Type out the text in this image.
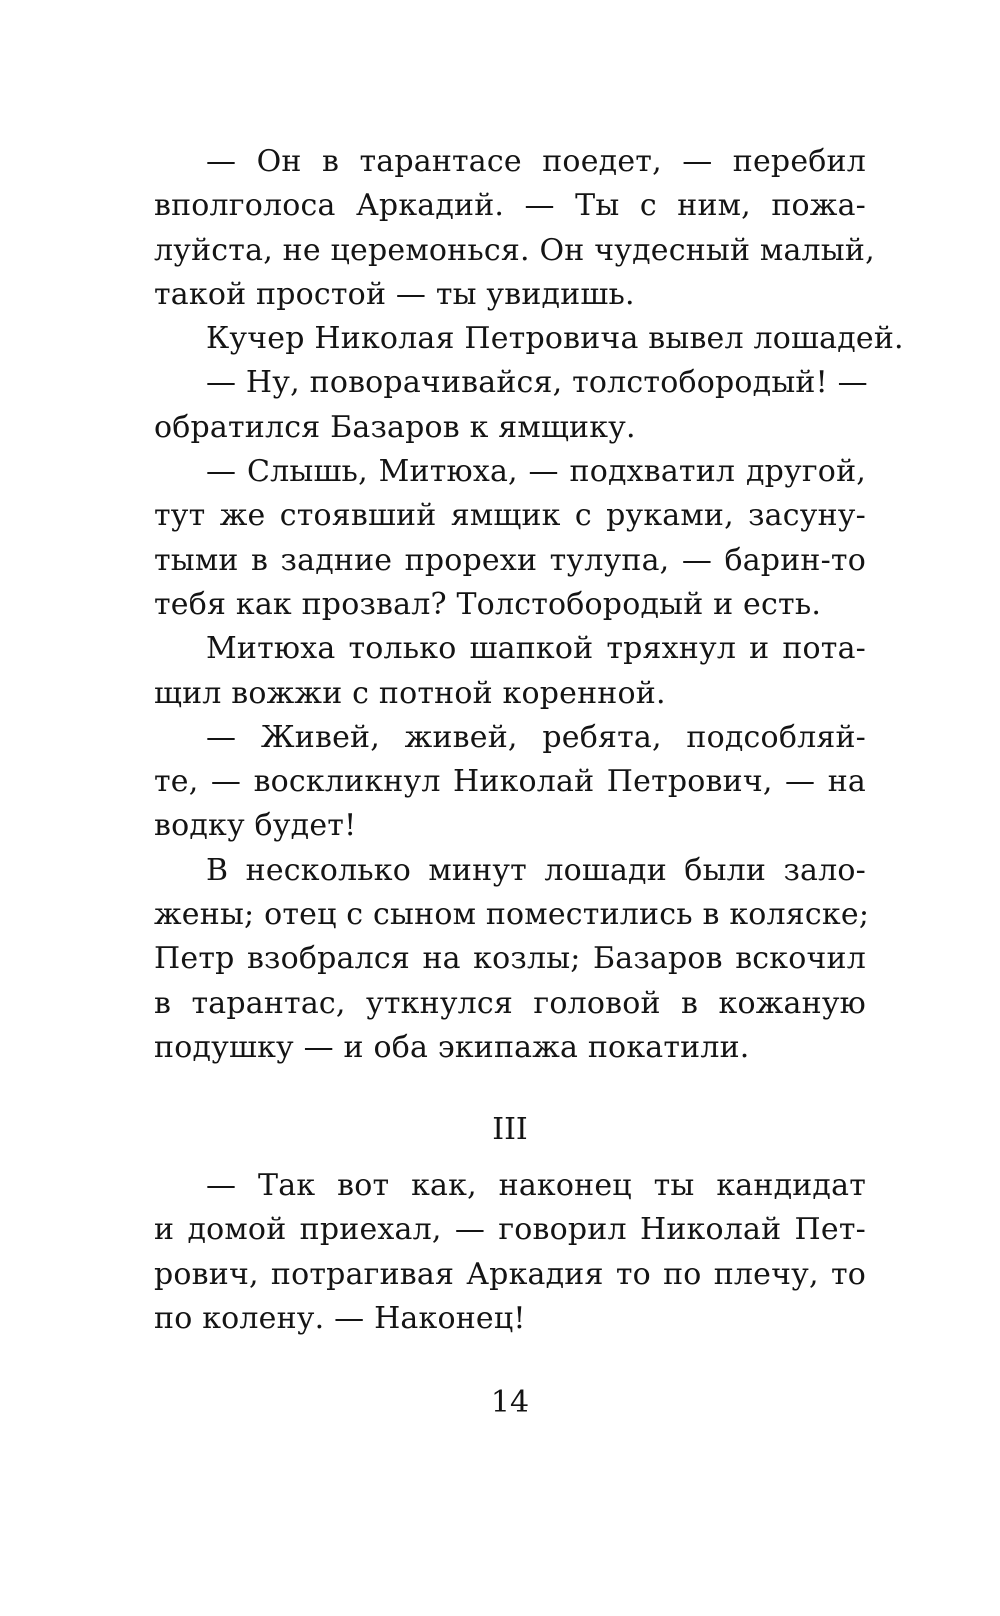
— Он в тарантасе поедет, — перебил
вполголоса Аркадий. — Ты с ним, пожа-
луйста, не церемонься. Он чудесный малый,
такой простой — ты увидишь.

Кучер Николая Петровича вывел лошадей.

— Ну, поворачивайся, толстобородый! —
обратился Базаров к ямщику.

— Слышь, Митюха, — подхватил другой,
тут же стоявший ямщик с руками, засуну-
тыми в задние прорехи тулупа, — барин-то
тебя как прозвал? Толстобородый и есть.

Митюха только шапкой тряхнул и пота-
щил вожжи с потной коренной.

— Живей, живей, ребята, подсобляй-
те, — воскликнул Николай Петрович, — на
водку будет!

В несколько минут лошади были зало-
жены; отец с сыном поместились в коляске;
Петр взобрался на козлы; Базаров вскочил
в тарантас, уткнулся головой в кожаную
подушку — и оба экипажа покатили.

III

— Так вот как, наконец ты кандидат
и домой приехал, — говорил Николай Пет-
рович, потрагивая Аркадия то по плечу, то
по колену. — Наконец!

14
